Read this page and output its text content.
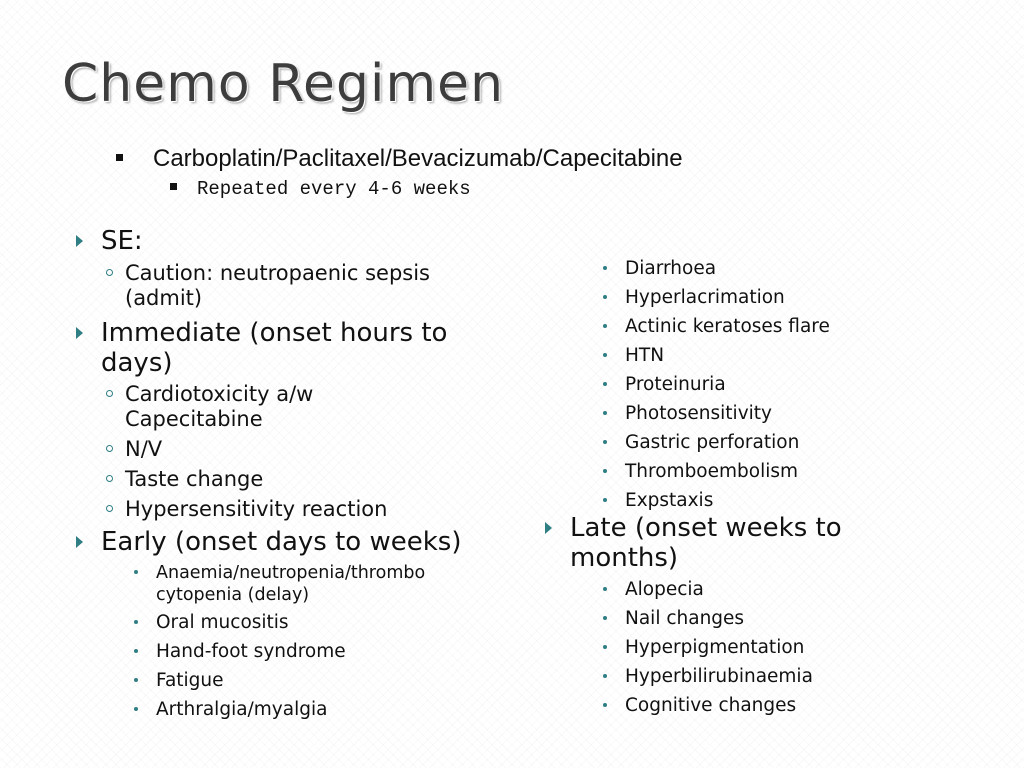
Chemo Regimen
Carboplatin/Paclitaxel/Bevacizumab/Capecitabine
Repeated every 4-6 weeks
SE:
Caution: neutropaenic sepsis (admit)
Immediate (onset hours to days)
Cardiotoxicity a/w Capecitabine
N/V
Taste change
Hypersensitivity reaction
Early (onset days to weeks)
Anaemia/neutropenia/thrombo cytopenia (delay)
Oral mucositis
Hand-foot syndrome
Fatigue
Arthralgia/myalgia
Diarrhoea
Hyperlacrimation
Actinic keratoses flare
HTN
Proteinuria
Photosensitivity
Gastric perforation
Thromboembolism
Expstaxis
Late (onset weeks to months)
Alopecia
Nail changes
Hyperpigmentation
Hyperbilirubinaemia
Cognitive changes
